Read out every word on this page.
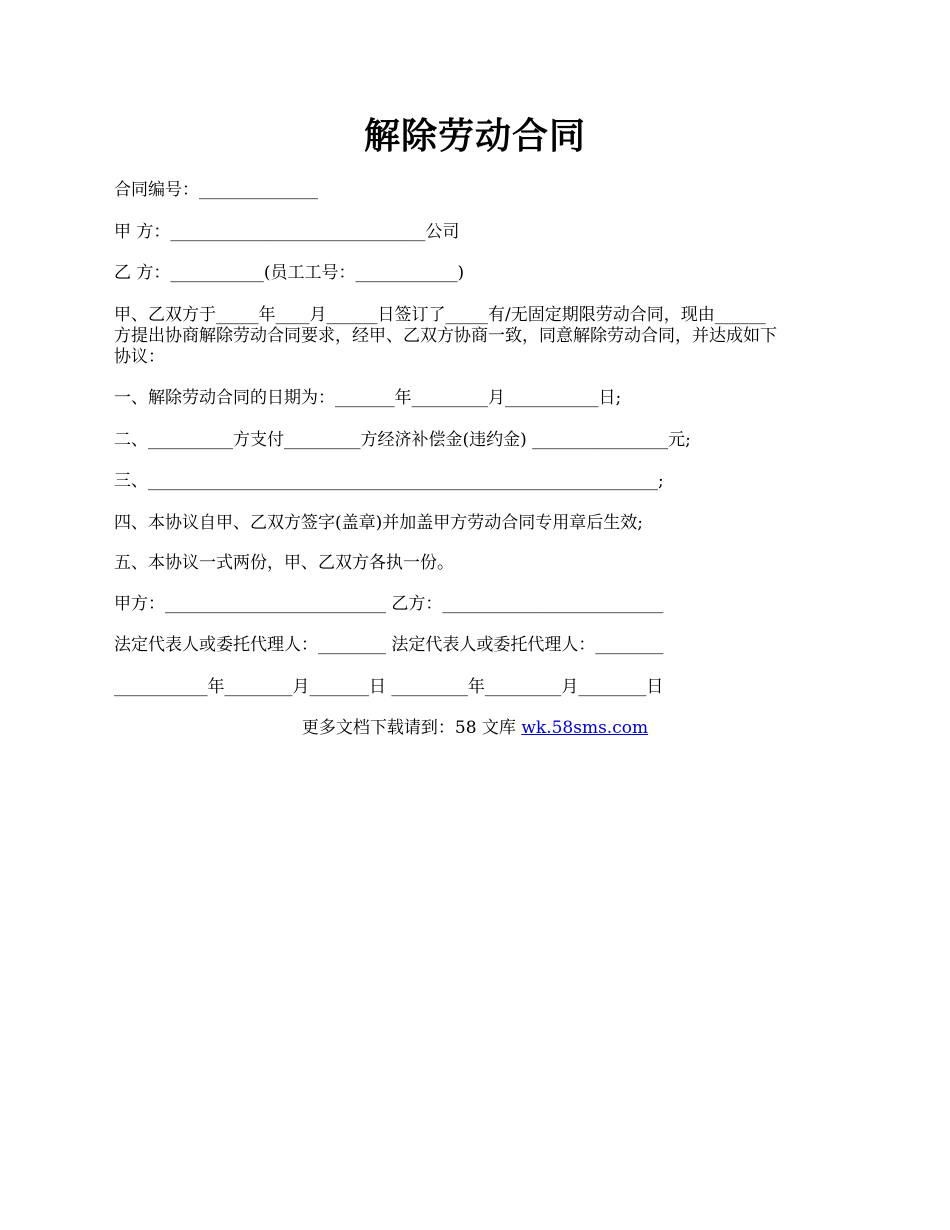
解除劳动合同
合同编号：______________
甲 方：______________________________公司
乙 方：___________(员工工号：____________)
甲、乙双方于_____年____月______日签订了_____有/无固定期限劳动合同，现由______
方提出协商解除劳动合同要求，经甲、乙双方协商一致，同意解除劳动合同，并达成如下
协议：
一、解除劳动合同的日期为：_______年_________月___________日;
二、__________方支付_________方经济补偿金(违约金) ________________元;
三、____________________________________________________________;
四、本协议自甲、乙双方签字(盖章)并加盖甲方劳动合同专用章后生效;
五、本协议一式两份，甲、乙双方各执一份。
甲方：__________________________ 乙方：__________________________
法定代表人或委托代理人：________ 法定代表人或委托代理人：________
___________年________月_______日 _________年_________月________日
更多文档下载请到：58 文库 wk.58sms.com
